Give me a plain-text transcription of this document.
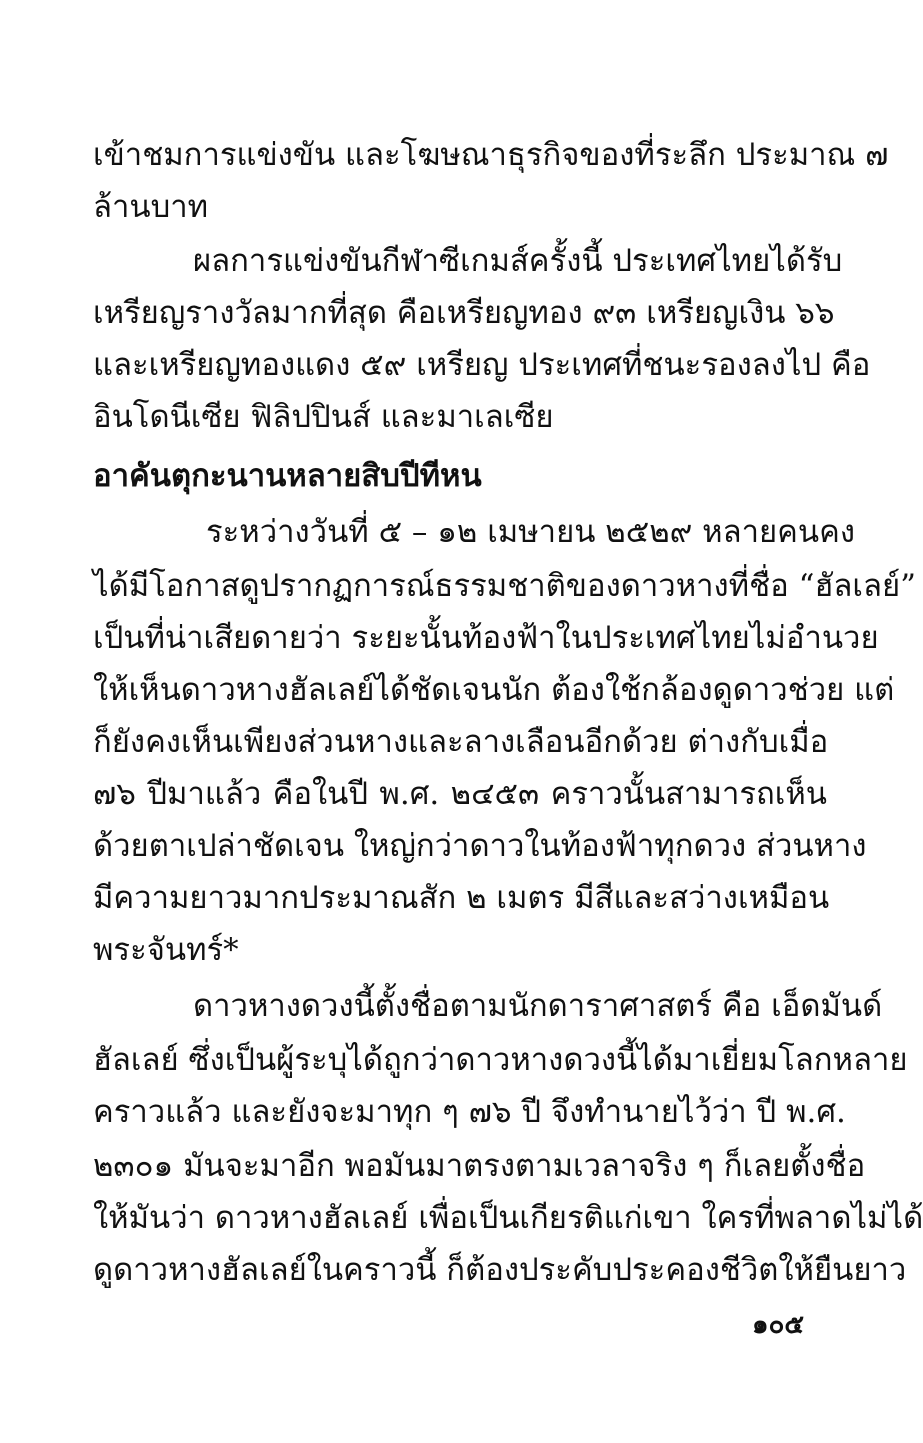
เข้าชมการแข่งขัน และโฆษณาธุรกิจของที่ระลึก ประมาณ ๗
ล้านบาท
ผลการแข่งขันกีฬาซีเกมส์ครั้งนี้ ประเทศไทยได้รับ
เหรียญรางวัลมากที่สุด คือเหรียญทอง ๙๓ เหรียญเงิน ๖๖
และเหรียญทองแดง ๕๙ เหรียญ ประเทศที่ชนะรองลงไป คือ
อินโดนีเซีย ฟิลิปปินส์ และมาเลเซีย
อาคันตุกะนานหลายสิบปีทีหน
ระหว่างวันที่ ๕ – ๑๒ เมษายน ๒๕๒๙ หลายคนคง
ได้มีโอกาสดูปรากฏการณ์ธรรมชาติของดาวหางที่ชื่อ “ฮัลเลย์”
เป็นที่น่าเสียดายว่า ระยะนั้นท้องฟ้าในประเทศไทยไม่อำนวย
ให้เห็นดาวหางฮัลเลย์ได้ชัดเจนนัก ต้องใช้กล้องดูดาวช่วย แต่
ก็ยังคงเห็นเพียงส่วนหางและลางเลือนอีกด้วย ต่างกับเมื่อ
๗๖ ปีมาแล้ว คือในปี พ.ศ. ๒๔๕๓ คราวนั้นสามารถเห็น
ด้วยตาเปล่าชัดเจน ใหญ่กว่าดาวในท้องฟ้าทุกดวง ส่วนหาง
มีความยาวมากประมาณสัก ๒ เมตร มีสีและสว่างเหมือน
พระจันทร์*
ดาวหางดวงนี้ตั้งชื่อตามนักดาราศาสตร์ คือ เอ็ดมันด์
ฮัลเลย์ ซึ่งเป็นผู้ระบุได้ถูกว่าดาวหางดวงนี้ได้มาเยี่ยมโลกหลาย
คราวแล้ว และยังจะมาทุก ๆ ๗๖ ปี จึงทำนายไว้ว่า ปี พ.ศ.
๒๓๐๑ มันจะมาอีก พอมันมาตรงตามเวลาจริง ๆ ก็เลยตั้งชื่อ
ให้มันว่า ดาวหางฮัลเลย์ เพื่อเป็นเกียรติแก่เขา ใครที่พลาดไม่ได้
ดูดาวหางฮัลเลย์ในคราวนี้ ก็ต้องประคับประคองชีวิตให้ยืนยาว
๑๐๕
